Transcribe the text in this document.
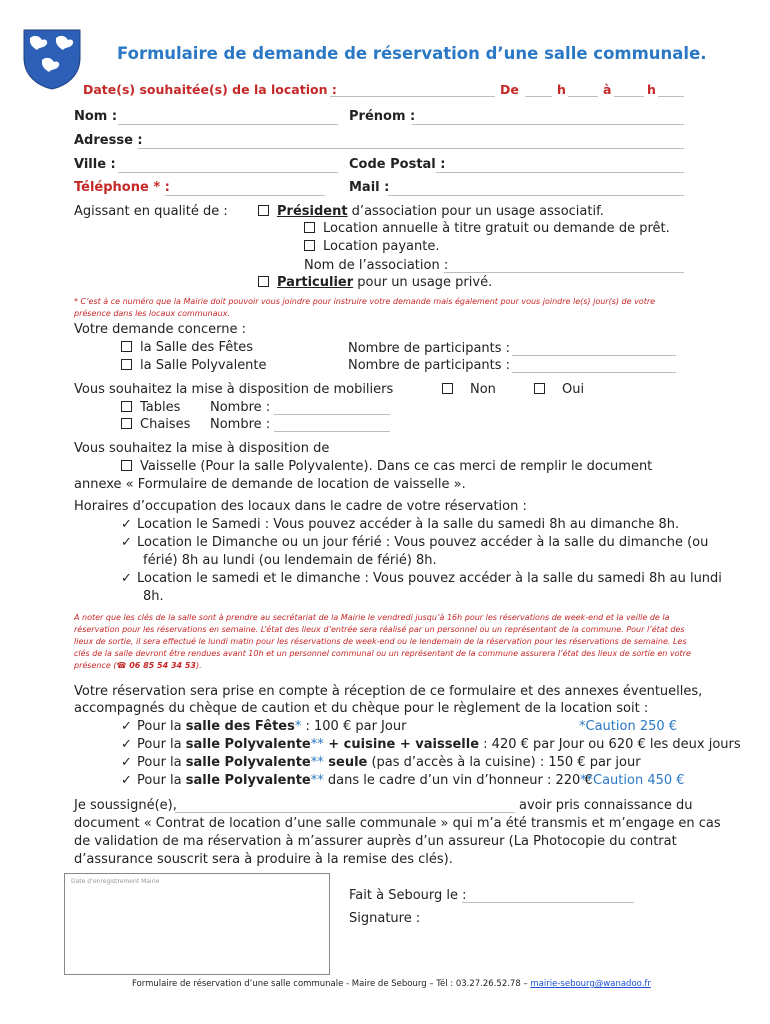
Formulaire de demande de réservation d’une salle communale.
Date(s) souhaitée(s) de la location :	De	h	à	h
Nom :	Prénom :
Adresse :
Ville :	Code Postal :
Téléphone * :	Mail :
Agissant en qualité de :	Président d’association pour un usage associatif.
Location annuelle à titre gratuit ou demande de prêt.
Location payante.
Nom de l’association :
Particulier pour un usage privé.
* C’est à ce numéro que la Mairie doit pouvoir vous joindre pour instruire votre demande mais également pour vous joindre le(s) jour(s) de votre présence dans les locaux communaux.
Votre demande concerne :
la Salle des Fêtes	Nombre de participants :
la Salle Polyvalente	Nombre de participants :
Vous souhaitez la mise à disposition de mobiliers	Non	Oui
Tables Nombre :
Chaises Nombre :
Vous souhaitez la mise à disposition de
Vaisselle (Pour la salle Polyvalente). Dans ce cas merci de remplir le document
annexe « Formulaire de demande de location de vaisselle ».
Horaires d’occupation des locaux dans le cadre de votre réservation :
✓ Location le Samedi : Vous pouvez accéder à la salle du samedi 8h au dimanche 8h.
✓ Location le Dimanche ou un jour férié : Vous pouvez accéder à la salle du dimanche (ou
férié) 8h au lundi (ou lendemain de férié) 8h.
✓ Location le samedi et le dimanche : Vous pouvez accéder à la salle du samedi 8h au lundi
8h.
A noter que les clés de la salle sont à prendre au secrétariat de la Mairie le vendredi jusqu’à 16h pour les réservations de week-end et la veille de la réservation pour les réservations en semaine. L’état des lieux d’entrée sera réalisé par un personnel ou un représentant de la commune. Pour l’état des lieux de sortie, il sera effectué le lundi matin pour les réservations de week-end ou le lendemain de la réservation pour les réservations de semaine. Les clés de la salle devront être rendues avant 10h et un personnel communal ou un représentant de la commune assurera l’état des lieux de sortie en votre présence (☎ 06 85 54 34 53).
Votre réservation sera prise en compte à réception de ce formulaire et des annexes éventuelles,
accompagnés du chèque de caution et du chèque pour le règlement de la location soit :
✓ Pour la salle des Fêtes* : 100 € par Jour	*Caution 250 €
✓ Pour la salle Polyvalente** + cuisine + vaisselle : 420 € par Jour ou 620 € les deux jours
✓ Pour la salle Polyvalente** seule (pas d’accès à la cuisine) : 150 € par jour
✓ Pour la salle Polyvalente** dans le cadre d’un vin d’honneur : 220 €
**Caution 450 €
Je soussigné(e),	avoir pris connaissance du
document « Contrat de location d’une salle communale » qui m’a été transmis et m’engage en cas
de validation de ma réservation à m’assurer auprès d’un assureur (La Photocopie du contrat
d’assurance souscrit sera à produire à la remise des clés).
Date d’enregistrement Mairie
Fait à Sebourg le :
Signature :
Formulaire de réservation d’une salle communale - Maire de Sebourg – Tél : 03.27.26.52.78 – mairie-sebourg@wanadoo.fr
